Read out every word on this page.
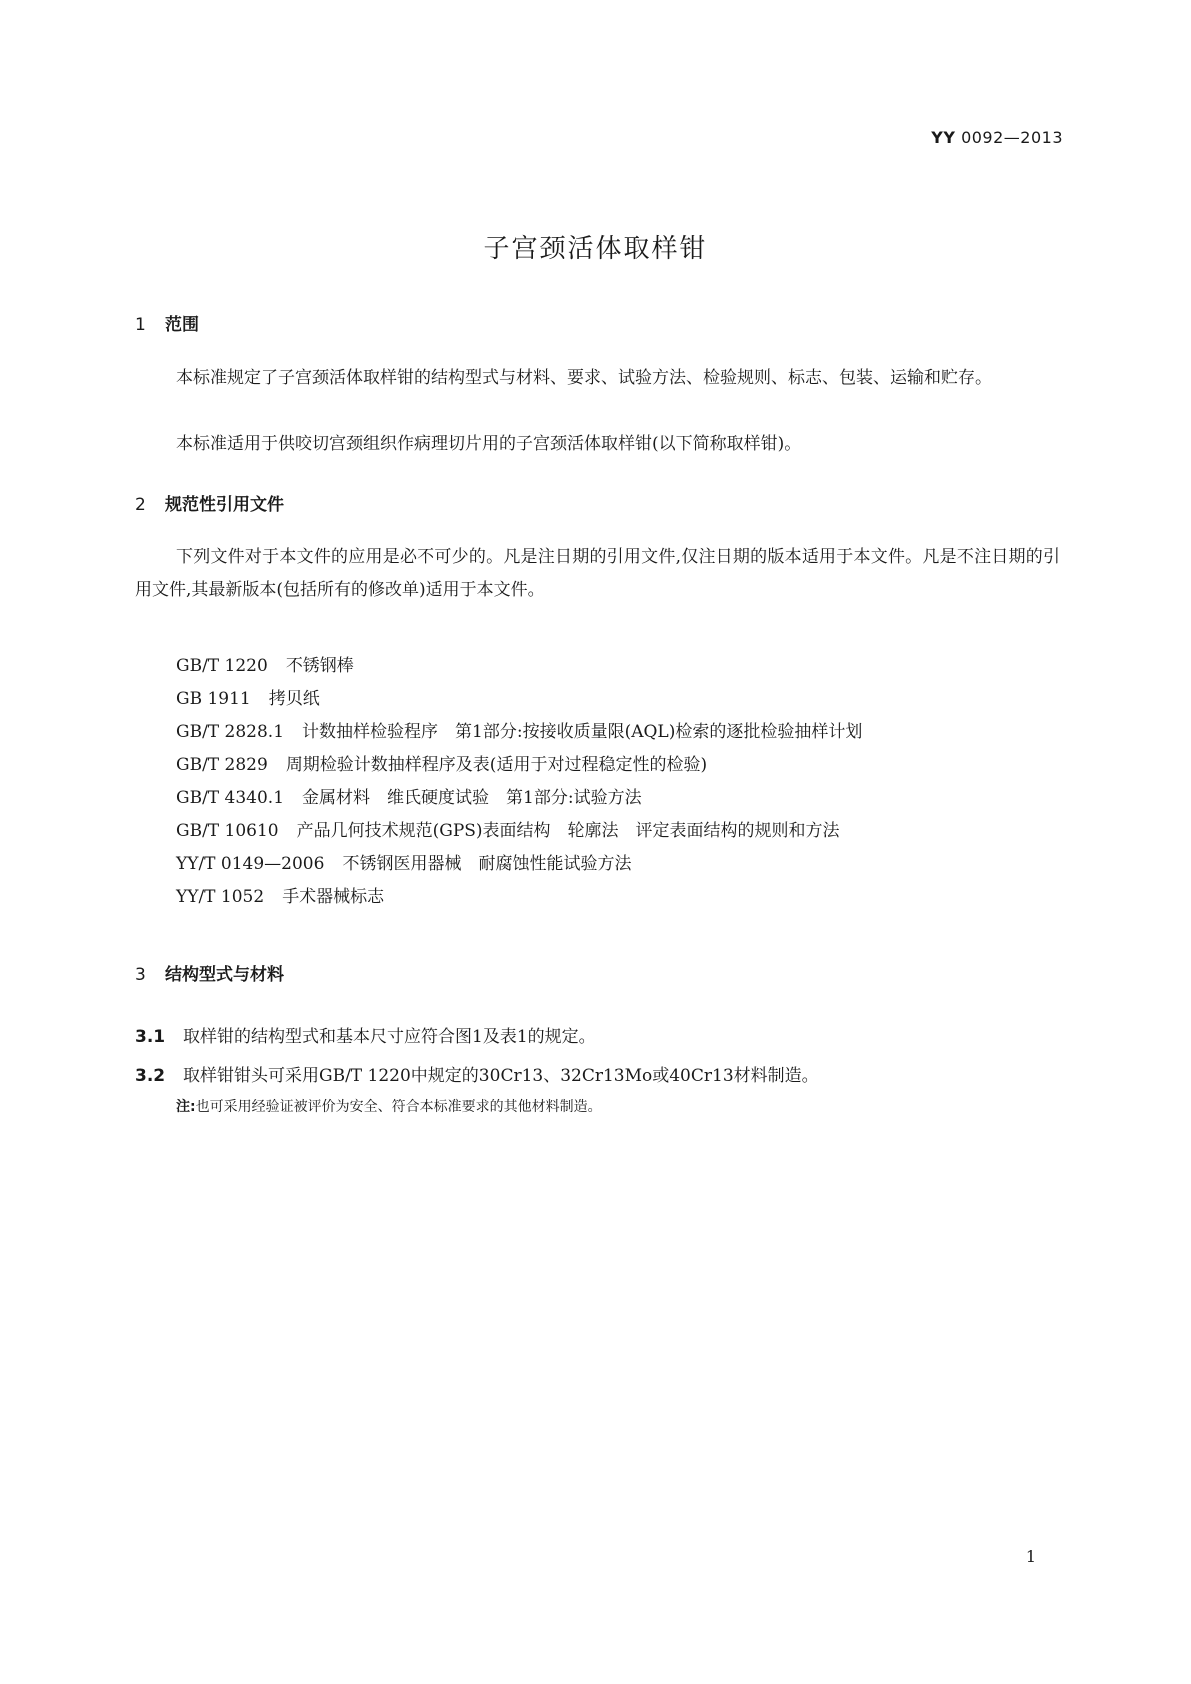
YY 0092—2013
子宫颈活体取样钳
1 范围
本标准规定了子宫颈活体取样钳的结构型式与材料、要求、试验方法、检验规则、标志、包装、运输和贮存。
本标准适用于供咬切宫颈组织作病理切片用的子宫颈活体取样钳(以下简称取样钳)。
2 规范性引用文件
下列文件对于本文件的应用是必不可少的。凡是注日期的引用文件,仅注日期的版本适用于本文件。凡是不注日期的引用文件,其最新版本(包括所有的修改单)适用于本文件。
GB/T 1220 不锈钢棒
GB 1911 拷贝纸
GB/T 2828.1 计数抽样检验程序　第1部分:按接收质量限(AQL)检索的逐批检验抽样计划
GB/T 2829 周期检验计数抽样程序及表(适用于对过程稳定性的检验)
GB/T 4340.1 金属材料　维氏硬度试验　第1部分:试验方法
GB/T 10610 产品几何技术规范(GPS)表面结构　轮廓法　评定表面结构的规则和方法
YY/T 0149—2006 不锈钢医用器械　耐腐蚀性能试验方法
YY/T 1052 手术器械标志
3 结构型式与材料
3.1 取样钳的结构型式和基本尺寸应符合图1及表1的规定。
3.2 取样钳钳头可采用GB/T 1220中规定的30Cr13、32Cr13Mo或40Cr13材料制造。
注:也可采用经验证被评价为安全、符合本标准要求的其他材料制造。
1
